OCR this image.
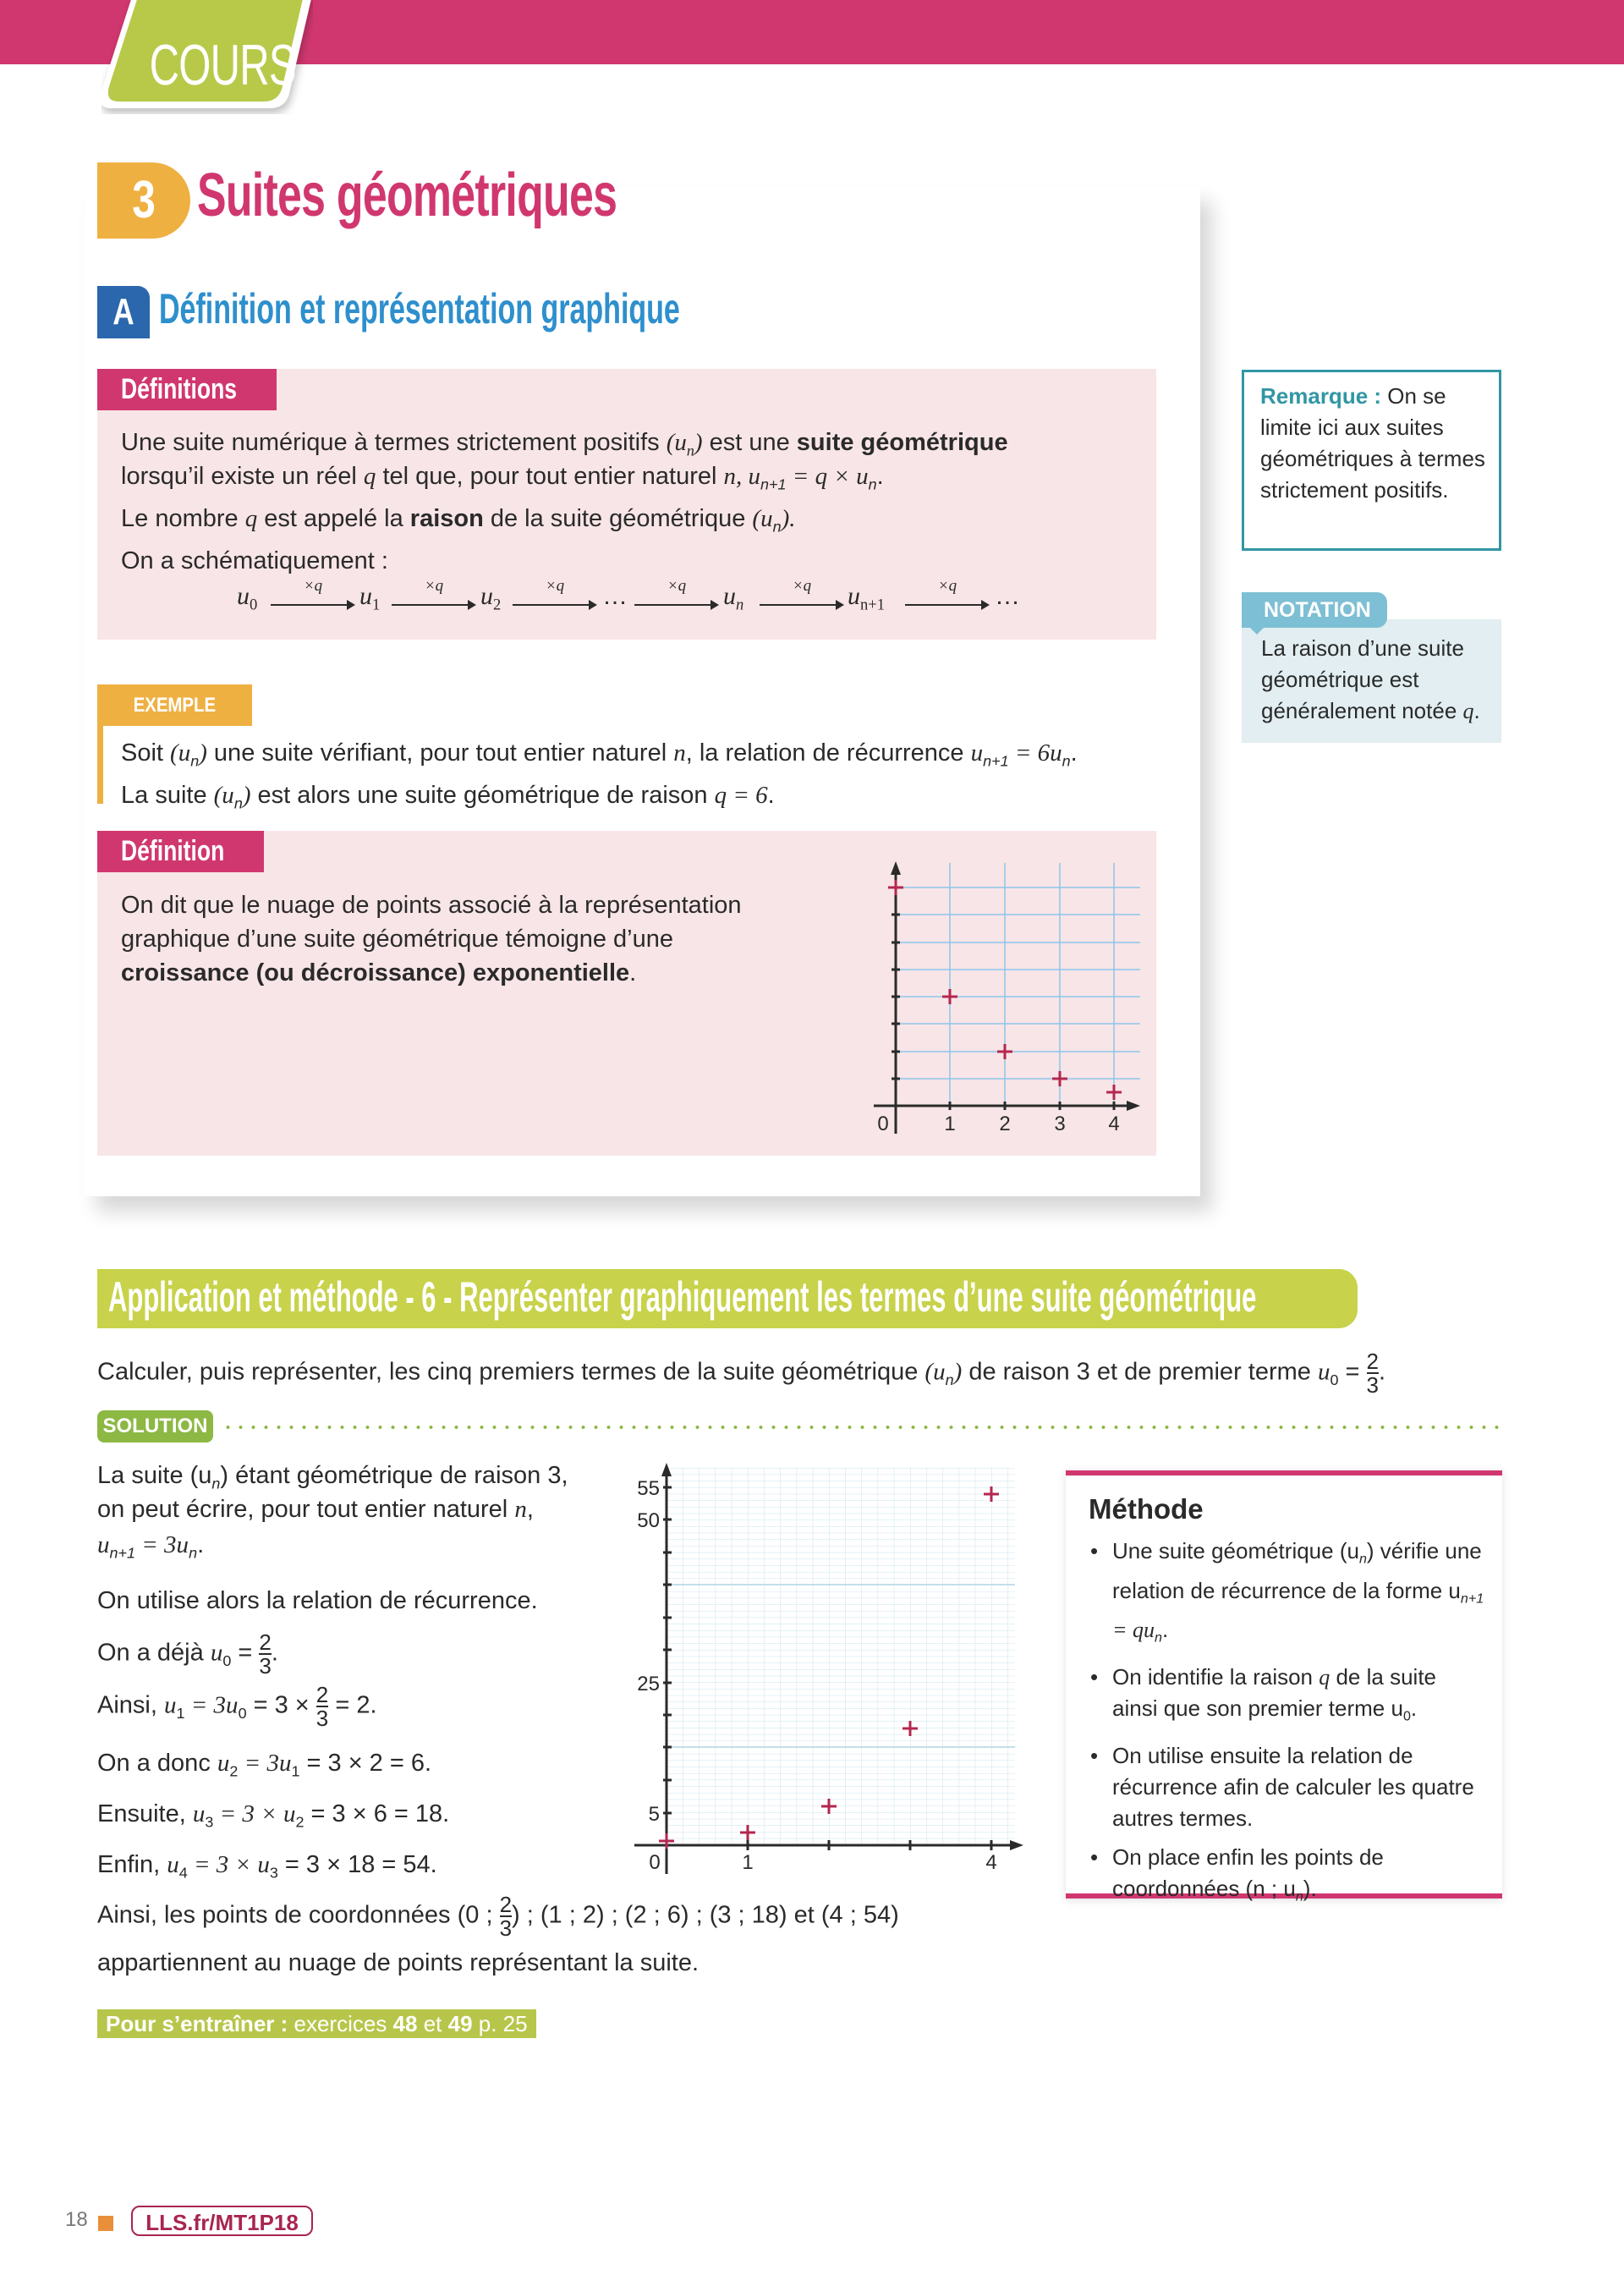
COURS
3 Suites géométriques
A Définition et représentation graphique
Définitions
Une suite numérique à termes strictement positifs $(u_n)$ est une suite géométrique
lorsqu’il existe un réel q tel que, pour tout entier naturel n, $u_{n+1} = q \times u_n$.
Le nombre q est appelé la raison de la suite géométrique $(u_n)$.
On a schématiquement :
$u_0$
×q	$u_1$
×q	$u_2$
×q	…	×q	$u_n$
×q	$u_{n+1}$
×q	…
EXEMPLE
Soit $(u_n)$ une suite vérifiant, pour tout entier naturel n, la relation de récurrence $u_{n+1} = 6u_n$.
La suite $(u_n)$ est alors une suite géométrique de raison q = 6.
Définition
On dit que le nuage de points associé à la représentation
graphique d’une suite géométrique témoigne d’une
croissance (ou décroissance) exponentielle.
0	1 2 3 4
Remarque : On se limite ici aux suites géométriques à termes strictement positifs.
NOTATION
La raison d’une suite géométrique est généralement notée q.
Application et méthode - 6 - Représenter graphiquement les termes d’une suite géométrique
Calculer, puis représenter, les cinq premiers termes de la suite géométrique $(u_n)$ de raison 3 et de premier terme $u_0 = \frac{2}{3}$ .
SOLUTION
La suite $(u_n)$ étant géométrique de raison 3,
on peut écrire, pour tout entier naturel n,
$u_{n+1} = 3u_n$.
On utilise alors la relation de récurrence.
On a déjà $u_0 = \frac{2}{3}$ .
Ainsi, $u_1 = 3u_0 = 3 \times \frac{2}{3} = 2$.
On a donc $u_2 = 3u_1 = 3 \times 2 = 6$.
Ensuite, $u_3 = 3 \times u_2 = 3 \times 6 = 18$.
Enfin, $u_4 = 3 \times u_3 = 3 \times 18 = 54$.
Ainsi, les points de coordonnées (0 ; $\frac{2}{3}$ ) ; (1 ; 2) ; (2 ; 6) ; (3 ; 18) et (4 ; 54)
appartiennent au nuage de points représentant la suite.
55
50
25
5
0	1	4
Méthode
• Une suite géométrique $(u_n)$ vérifie une relation de récurrence de la forme $u_{n+1} = qu_n$.
• On identifie la raison q de la suite ainsi que son premier terme $u_0$.
• On utilise ensuite la relation de récurrence afin de calculer les quatre autres termes.
• On place enfin les points de coordonnées (n ; $u_n$).
Pour s’entraîner : exercices 48 et 49 p. 25
18	LLS.fr/MT1P18
